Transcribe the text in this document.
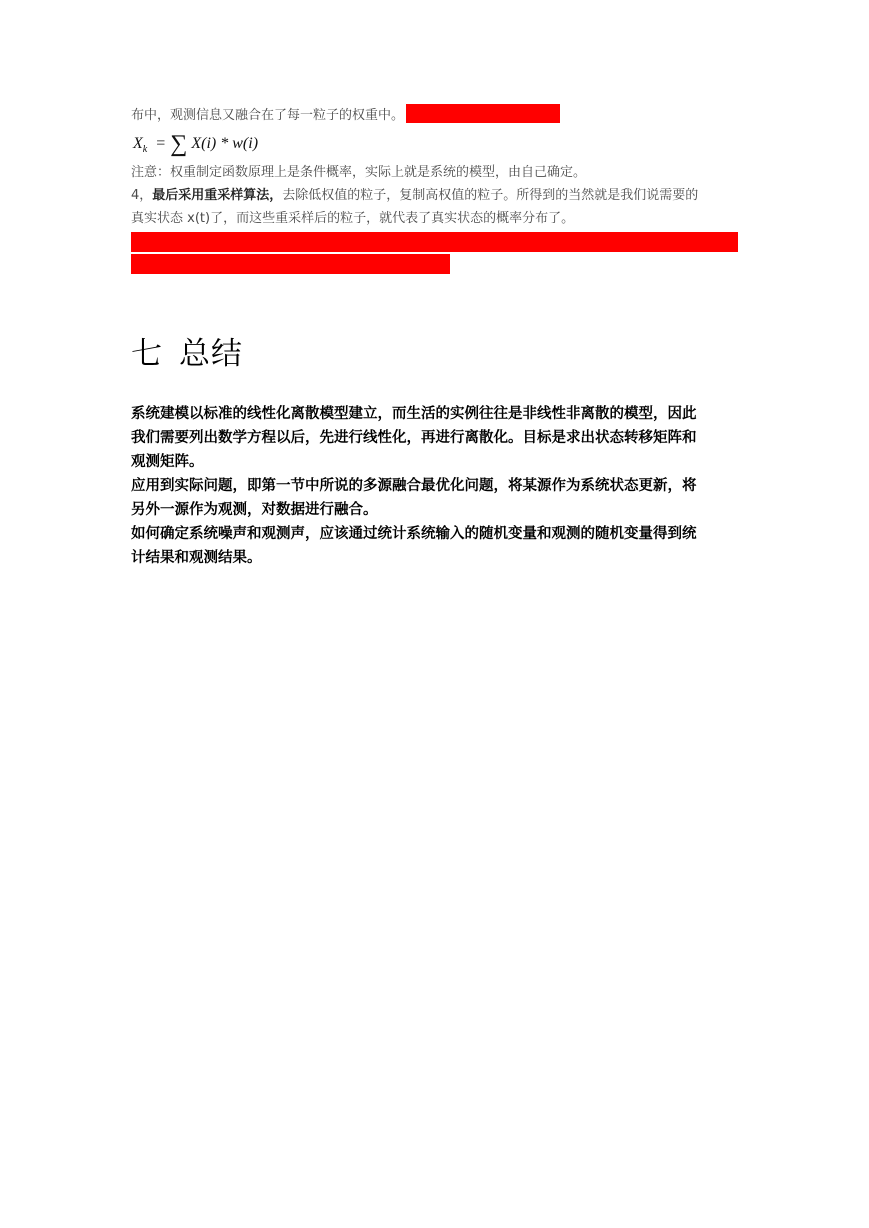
布中，观测信息又融合在了每一粒子的权重中。
$X_k$ = ∑ X(i) * w(i)
注意：权重制定函数原理上是条件概率，实际上就是系统的模型，由自己确定。
4，最后采用重采样算法，去除低权值的粒子，复制高权值的粒子。所得到的当然就是我们说需要的
真实状态 x(t)了，而这些重采样后的粒子，就代表了真实状态的概率分布了。
七 总结
系统建模以标准的线性化离散模型建立，而生活的实例往往是非线性非离散的模型，因此
我们需要列出数学方程以后，先进行线性化，再进行离散化。目标是求出状态转移矩阵和
观测矩阵。
应用到实际问题，即第一节中所说的多源融合最优化问题，将某源作为系统状态更新，将
另外一源作为观测，对数据进行融合。
如何确定系统噪声和观测声，应该通过统计系统输入的随机变量和观测的随机变量得到统
计结果和观测结果。
